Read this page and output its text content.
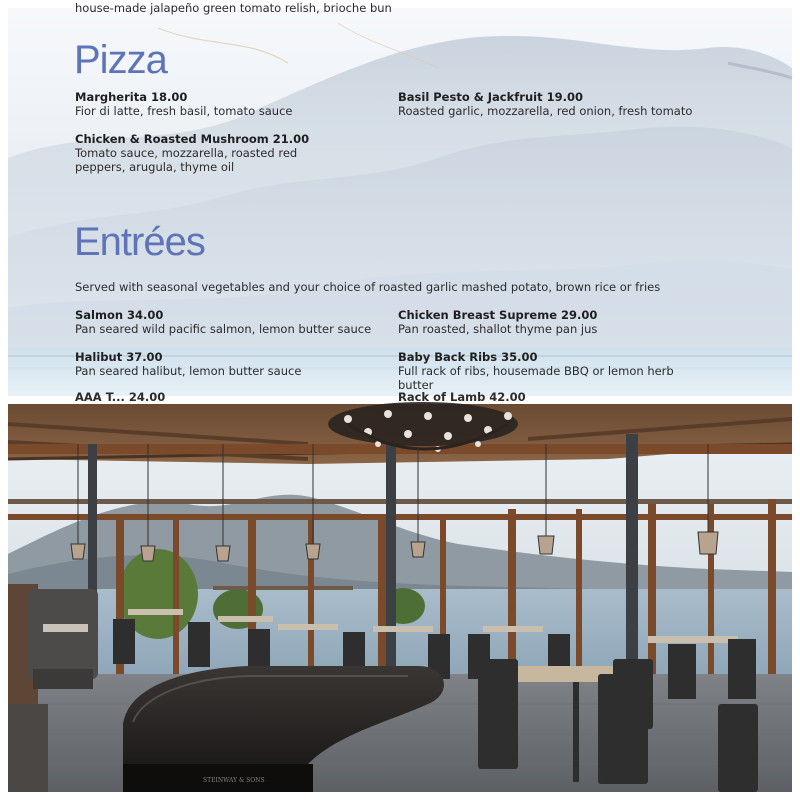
house-made jalapeño green tomato relish, brioche bun
Pizza
Margherita 18.00
Fior di latte, fresh basil, tomato sauce
Basil Pesto & Jackfruit 19.00
Roasted garlic, mozzarella, red onion, fresh tomato
Chicken & Roasted Mushroom 21.00
Tomato sauce, mozzarella, roasted red peppers, arugula, thyme oil
Entrées
Served with seasonal vegetables and your choice of roasted garlic mashed potato, brown rice or fries
Salmon 34.00
Pan seared wild pacific salmon, lemon butter sauce
Chicken Breast Supreme 29.00
Pan roasted, shallot thyme pan jus
Halibut 37.00
Pan seared halibut, lemon butter sauce
Baby Back Ribs 35.00
Full rack of ribs, housemade BBQ or lemon herb butter
AAA T... 24.00	Rack of Lamb 42.00
STEINWAY & SONS
